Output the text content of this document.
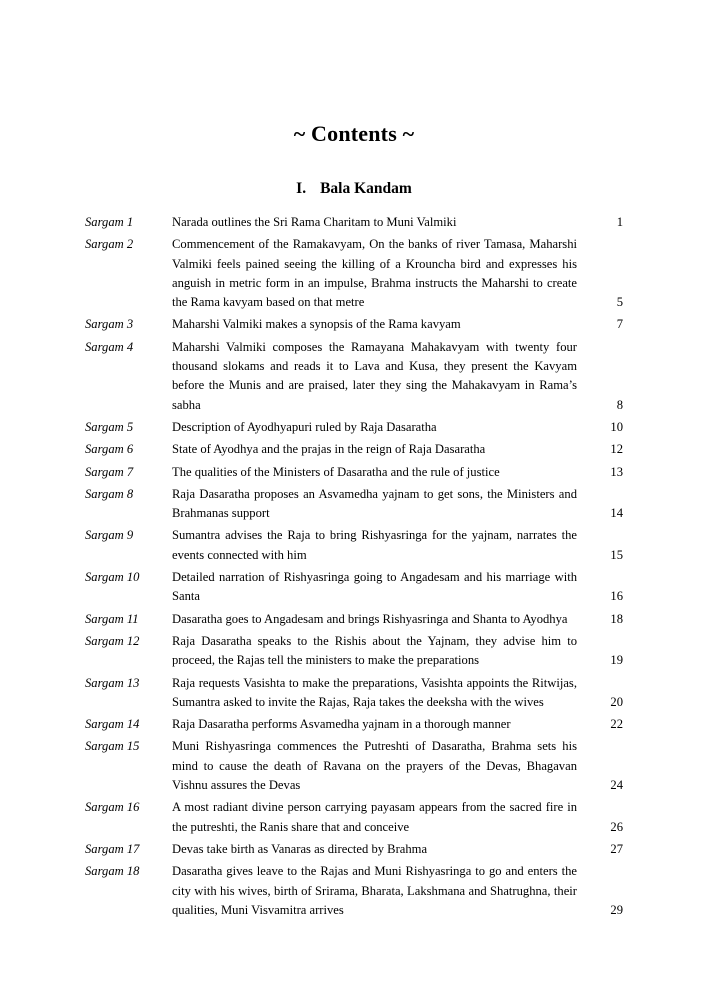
~ Contents ~
I. Bala Kandam
Sargam 1	Narada outlines the Sri Rama Charitam to Muni Valmiki	1
Sargam 2	Commencement of the Ramakavyam, On the banks of river Tamasa, Maharshi Valmiki feels pained seeing the killing of a Krouncha bird and expresses his anguish in metric form in an impulse, Brahma instructs the Maharshi to create the Rama kavyam based on that metre	5
Sargam 3	Maharshi Valmiki makes a synopsis of the Rama kavyam	7
Sargam 4	Maharshi Valmiki composes the Ramayana Mahakavyam with twenty four thousand slokams and reads it to Lava and Kusa, they present the Kavyam before the Munis and are praised, later they sing the Mahakavyam in Rama’s sabha	8
Sargam 5	Description of Ayodhyapuri ruled by Raja Dasaratha	10
Sargam 6	State of Ayodhya and the prajas in the reign of Raja Dasaratha	12
Sargam 7	The qualities of the Ministers of Dasaratha and the rule of justice	13
Sargam 8	Raja Dasaratha proposes an Asvamedha yajnam to get sons, the Ministers and Brahmanas support	14
Sargam 9	Sumantra advises the Raja to bring Rishyasringa for the yajnam, narrates the events connected with him	15
Sargam 10	Detailed narration of Rishyasringa going to Angadesam and his marriage with Santa	16
Sargam 11	Dasaratha goes to Angadesam and brings Rishyasringa and Shanta to Ayodhya	18
Sargam 12	Raja Dasaratha speaks to the Rishis about the Yajnam, they advise him to proceed, the Rajas tell the ministers to make the preparations	19
Sargam 13	Raja requests Vasishta to make the preparations, Vasishta appoints the Ritwijas, Sumantra asked to invite the Rajas, Raja takes the deeksha with the wives	20
Sargam 14	Raja Dasaratha performs Asvamedha yajnam in a thorough manner	22
Sargam 15	Muni Rishyasringa commences the Putreshti of Dasaratha, Brahma sets his mind to cause the death of Ravana on the prayers of the Devas, Bhagavan Vishnu assures the Devas	24
Sargam 16	A most radiant divine person carrying payasam appears from the sacred fire in the putreshti, the Ranis share that and conceive	26
Sargam 17	Devas take birth as Vanaras as directed by Brahma	27
Sargam 18	Dasaratha gives leave to the Rajas and Muni Rishyasringa to go and enters the city with his wives, birth of Srirama, Bharata, Lakshmana and Shatrughna, their qualities, Muni Visvamitra arrives	29
